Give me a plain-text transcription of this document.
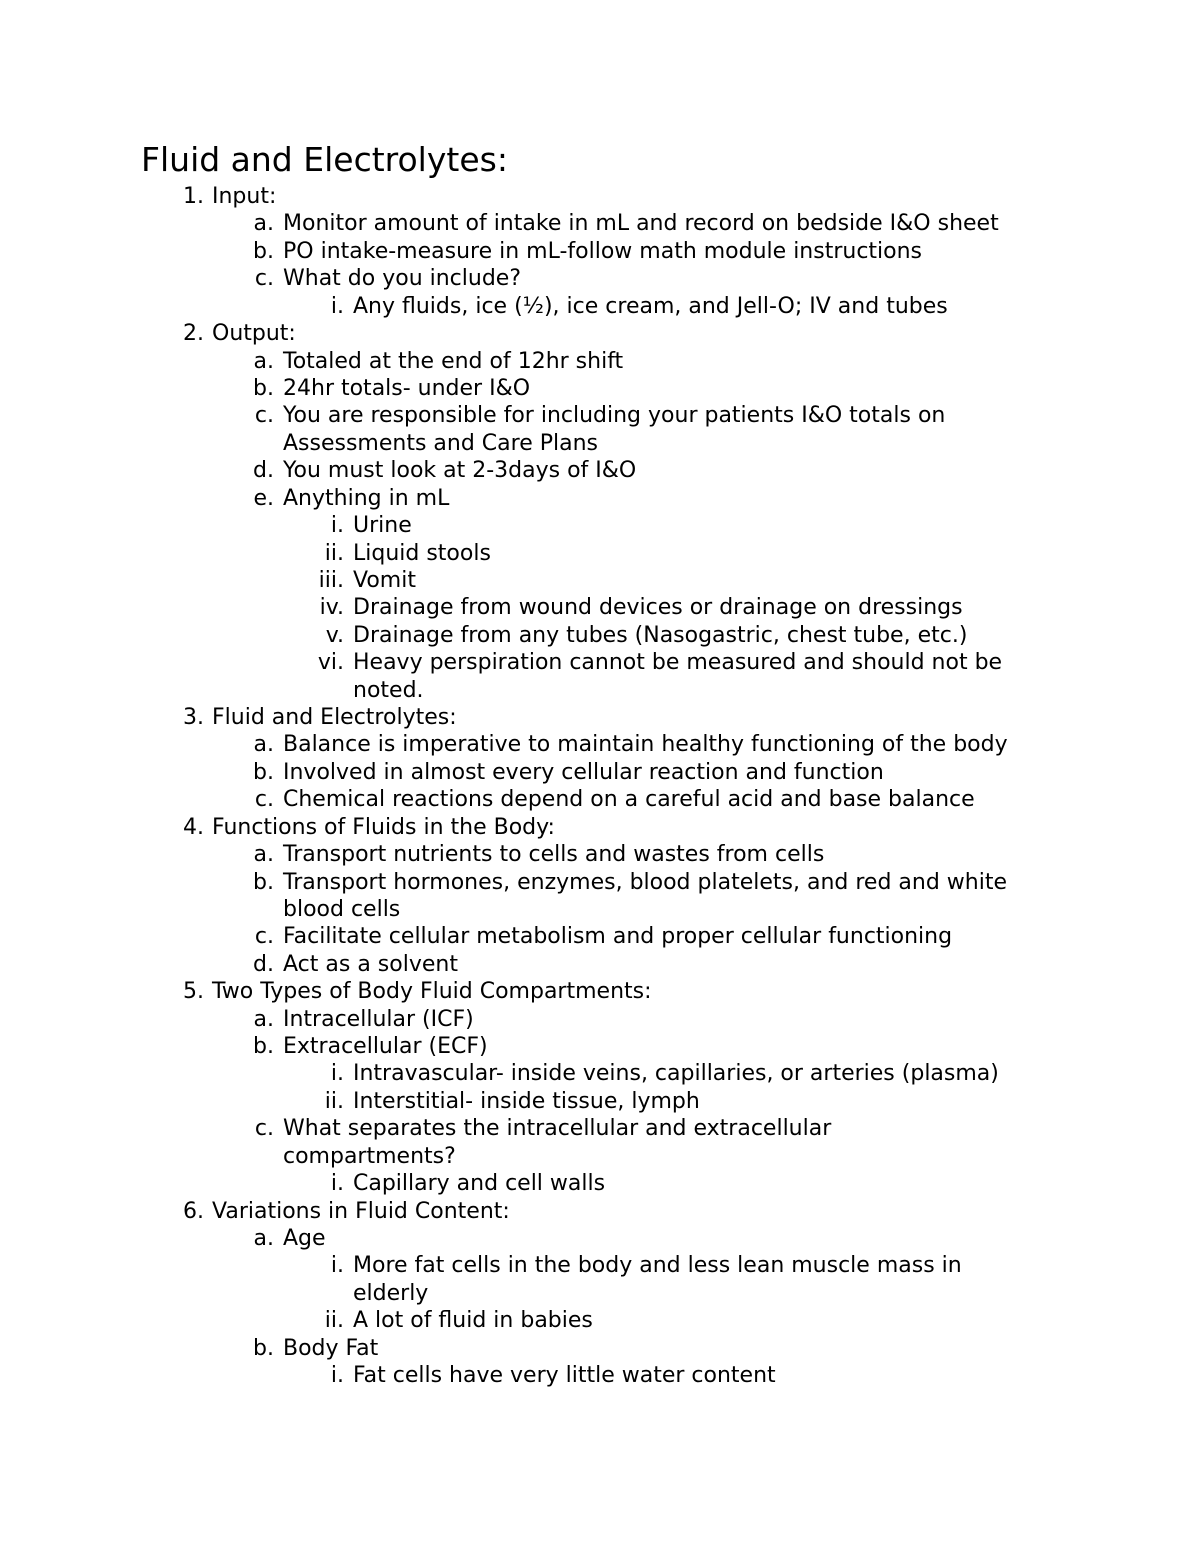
Fluid and Electrolytes:
1. Input:
a. Monitor amount of intake in mL and record on bedside I&O sheet
b. PO intake-measure in mL-follow math module instructions
c. What do you include?
i. Any fluids, ice (½), ice cream, and Jell-O; IV and tubes
2. Output:
a. Totaled at the end of 12hr shift
b. 24hr totals- under I&O
c. You are responsible for including your patients I&O totals on
Assessments and Care Plans
d. You must look at 2-3days of I&O
e. Anything in mL
i. Urine
ii. Liquid stools
iii. Vomit
iv. Drainage from wound devices or drainage on dressings
v. Drainage from any tubes (Nasogastric, chest tube, etc.)
vi. Heavy perspiration cannot be measured and should not be
noted.
3. Fluid and Electrolytes:
a. Balance is imperative to maintain healthy functioning of the body
b. Involved in almost every cellular reaction and function
c. Chemical reactions depend on a careful acid and base balance
4. Functions of Fluids in the Body:
a. Transport nutrients to cells and wastes from cells
b. Transport hormones, enzymes, blood platelets, and red and white
blood cells
c. Facilitate cellular metabolism and proper cellular functioning
d. Act as a solvent
5. Two Types of Body Fluid Compartments:
a. Intracellular (ICF)
b. Extracellular (ECF)
i. Intravascular- inside veins, capillaries, or arteries (plasma)
ii. Interstitial- inside tissue, lymph
c. What separates the intracellular and extracellular
compartments?
i. Capillary and cell walls
6. Variations in Fluid Content:
a. Age
i. More fat cells in the body and less lean muscle mass in
elderly
ii. A lot of fluid in babies
b. Body Fat
i. Fat cells have very little water content
